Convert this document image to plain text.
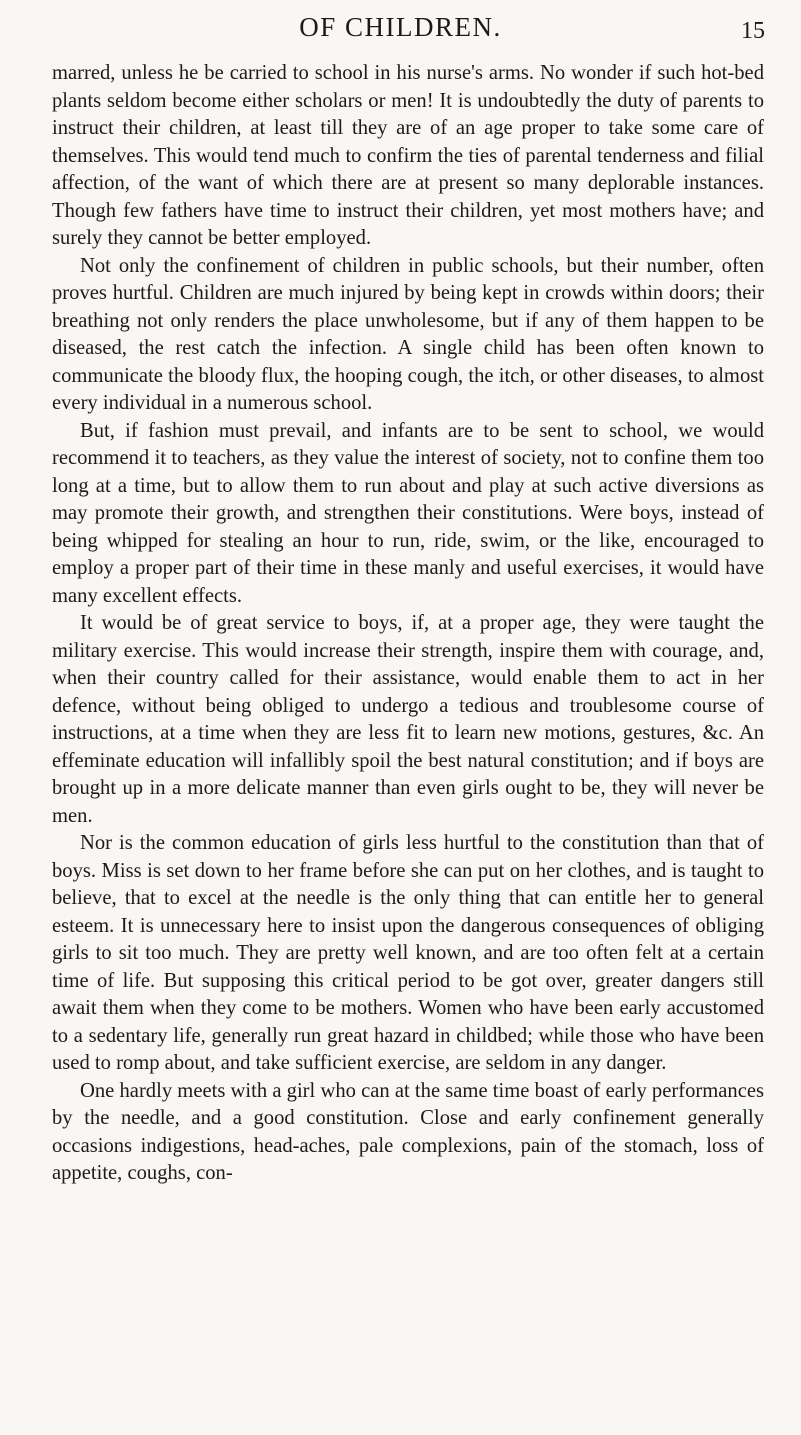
OF CHILDREN.	15

marred, unless he be carried to school in his nurse's arms. No wonder if such hot-bed plants seldom become either scholars or men! It is undoubtedly the duty of parents to instruct their children, at least till they are of an age proper to take some care of themselves. This would tend much to confirm the ties of parental tenderness and filial affection, of the want of which there are at present so many deplorable instances. Though few fathers have time to instruct their children, yet most mothers have; and surely they cannot be better employed.

Not only the confinement of children in public schools, but their number, often proves hurtful. Children are much injured by being kept in crowds within doors; their breathing not only renders the place unwholesome, but if any of them happen to be diseased, the rest catch the infection. A single child has been often known to communicate the bloody flux, the hooping cough, the itch, or other diseases, to almost every individual in a numerous school.

But, if fashion must prevail, and infants are to be sent to school, we would recommend it to teachers, as they value the interest of society, not to confine them too long at a time, but to allow them to run about and play at such active diversions as may promote their growth, and strengthen their constitutions. Were boys, instead of being whipped for stealing an hour to run, ride, swim, or the like, encouraged to employ a proper part of their time in these manly and useful exercises, it would have many excellent effects.

It would be of great service to boys, if, at a proper age, they were taught the military exercise. This would increase their strength, inspire them with courage, and, when their country called for their assistance, would enable them to act in her defence, without being obliged to undergo a tedious and troublesome course of instructions, at a time when they are less fit to learn new motions, gestures, &c. An effeminate education will infallibly spoil the best natural constitution; and if boys are brought up in a more delicate manner than even girls ought to be, they will never be men.

Nor is the common education of girls less hurtful to the constitution than that of boys. Miss is set down to her frame before she can put on her clothes, and is taught to believe, that to excel at the needle is the only thing that can entitle her to general esteem. It is unnecessary here to insist upon the dangerous consequences of obliging girls to sit too much. They are pretty well known, and are too often felt at a certain time of life. But supposing this critical period to be got over, greater dangers still await them when they come to be mothers. Women who have been early accustomed to a sedentary life, generally run great hazard in childbed; while those who have been used to romp about, and take sufficient exercise, are seldom in any danger.

One hardly meets with a girl who can at the same time boast of early performances by the needle, and a good constitution. Close and early confinement generally occasions indigestions, head-aches, pale complexions, pain of the stomach, loss of appetite, coughs, con-
